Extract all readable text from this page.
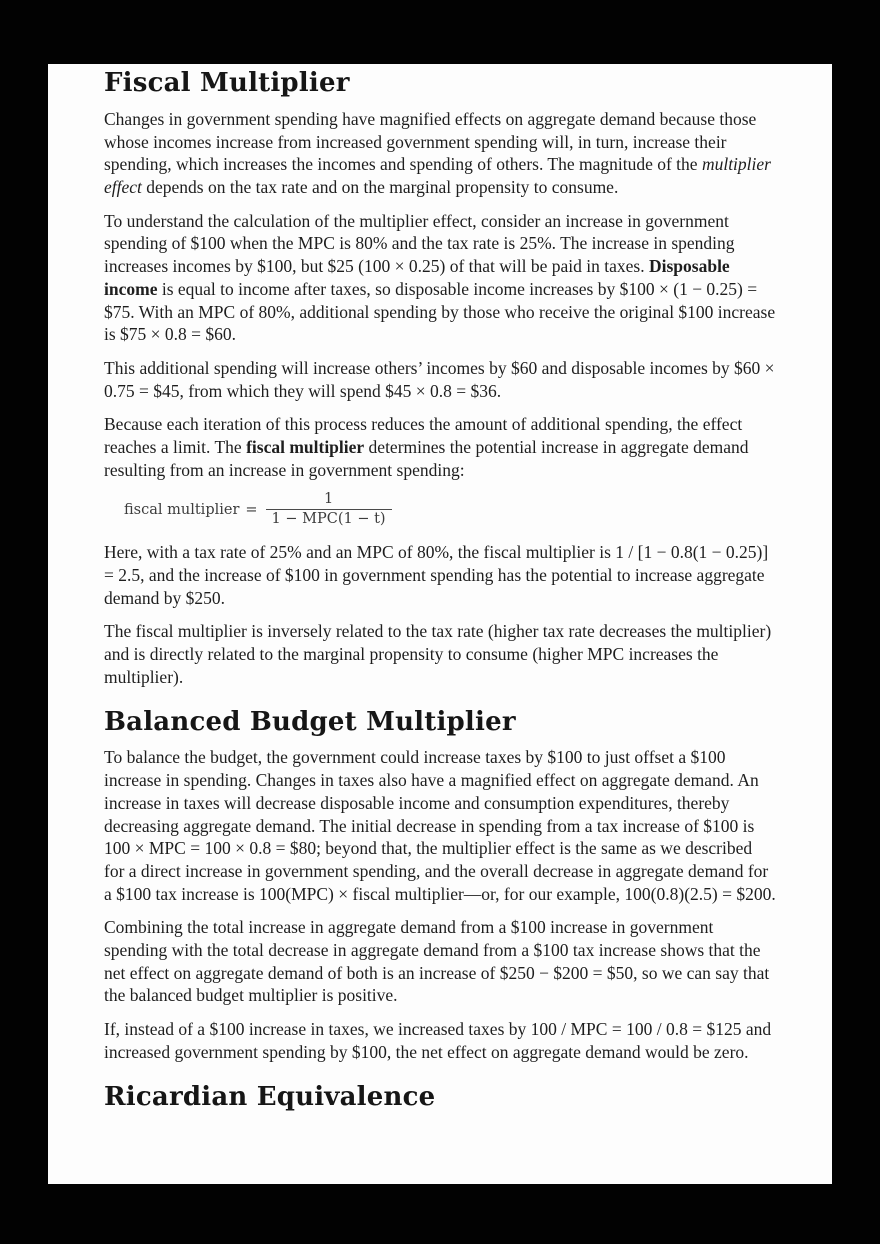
Fiscal Multiplier

Changes in government spending have magnified effects on aggregate demand because those whose incomes increase from increased government spending will, in turn, increase their spending, which increases the incomes and spending of others. The magnitude of the multiplier effect depends on the tax rate and on the marginal propensity to consume.

To understand the calculation of the multiplier effect, consider an increase in government spending of $100 when the MPC is 80% and the tax rate is 25%. The increase in spending increases incomes by $100, but $25 (100 × 0.25) of that will be paid in taxes. Disposable income is equal to income after taxes, so disposable income increases by $100 × (1 − 0.25) = $75. With an MPC of 80%, additional spending by those who receive the original $100 increase is $75 × 0.8 = $60.

This additional spending will increase others’ incomes by $60 and disposable incomes by $60 × 0.75 = $45, from which they will spend $45 × 0.8 = $36.

Because each iteration of this process reduces the amount of additional spending, the effect reaches a limit. The fiscal multiplier determines the potential increase in aggregate demand resulting from an increase in government spending:

fiscal multiplier = $\frac{1}{\text{1 − MPC(1 − t)}}$

Here, with a tax rate of 25% and an MPC of 80%, the fiscal multiplier is 1 / [1 − 0.8(1 − 0.25)] = 2.5, and the increase of $100 in government spending has the potential to increase aggregate demand by $250.

The fiscal multiplier is inversely related to the tax rate (higher tax rate decreases the multiplier) and is directly related to the marginal propensity to consume (higher MPC increases the multiplier).

Balanced Budget Multiplier

To balance the budget, the government could increase taxes by $100 to just offset a $100 increase in spending. Changes in taxes also have a magnified effect on aggregate demand. An increase in taxes will decrease disposable income and consumption expenditures, thereby decreasing aggregate demand. The initial decrease in spending from a tax increase of $100 is 100 × MPC = 100 × 0.8 = $80; beyond that, the multiplier effect is the same as we described for a direct increase in government spending, and the overall decrease in aggregate demand for a $100 tax increase is 100(MPC) × fiscal multiplier—or, for our example, 100(0.8)(2.5) = $200.

Combining the total increase in aggregate demand from a $100 increase in government spending with the total decrease in aggregate demand from a $100 tax increase shows that the net effect on aggregate demand of both is an increase of $250 − $200 = $50, so we can say that the balanced budget multiplier is positive.

If, instead of a $100 increase in taxes, we increased taxes by 100 / MPC = 100 / 0.8 = $125 and increased government spending by $100, the net effect on aggregate demand would be zero.

Ricardian Equivalence
